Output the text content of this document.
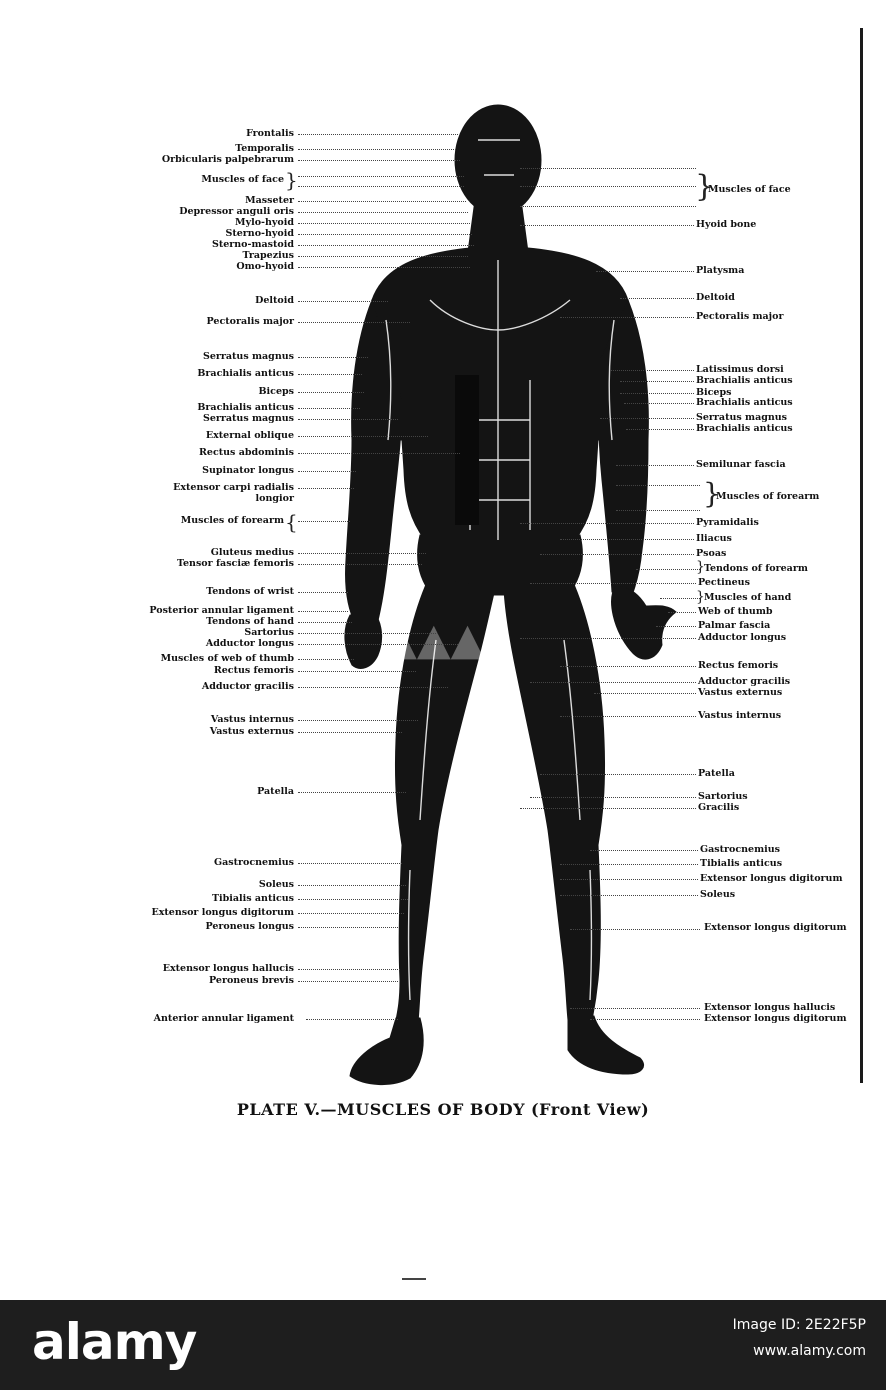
▲▲▲
Frontalis
Temporalis
Orbicularis palpebrarum
Muscles of face
Masseter
Depressor anguli oris
Mylo-hyoid
Sterno-hyoid
Sterno-mastoid
Trapezius
Omo-hyoid
Deltoid
Pectoralis major
Serratus magnus
Brachialis anticus
Biceps
Brachialis anticus
Serratus magnus
External oblique
Rectus abdominis
Supinator longus
Extensor carpi radialis
longior
Muscles of forearm
Gluteus medius
Tensor fasciæ femoris
Tendons of wrist
Posterior annular ligament
Tendons of hand
Sartorius
Adductor longus
Muscles of web of thumb
Rectus femoris
Adductor gracilis
Vastus internus
Vastus externus
Patella
Gastrocnemius
Soleus
Tibialis anticus
Extensor longus digitorum
Peroneus longus
Extensor longus hallucis
Peroneus brevis
Anterior annular ligament
}
{
Muscles of face
Hyoid bone
Platysma
Deltoid
Pectoralis major
Latissimus dorsi
Brachialis anticus
Biceps
Brachialis anticus
Serratus magnus
Brachialis anticus
Semilunar fascia
Muscles of forearm
Pyramidalis
Iliacus
Psoas
Tendons of forearm
Pectineus
Muscles of hand
Web of thumb
Palmar fascia
Adductor longus
Rectus femoris
Adductor gracilis
Vastus externus
Vastus internus
Patella
Sartorius
Gracilis
Gastrocnemius
Tibialis anticus
Extensor longus digitorum
Soleus
Extensor longus digitorum
Extensor longus hallucis
Extensor longus digitorum
}
}
}
}
PLATE V.—MUSCLES OF BODY (Front View)
alamy	Image ID: 2E22F5P
www.alamy.com
